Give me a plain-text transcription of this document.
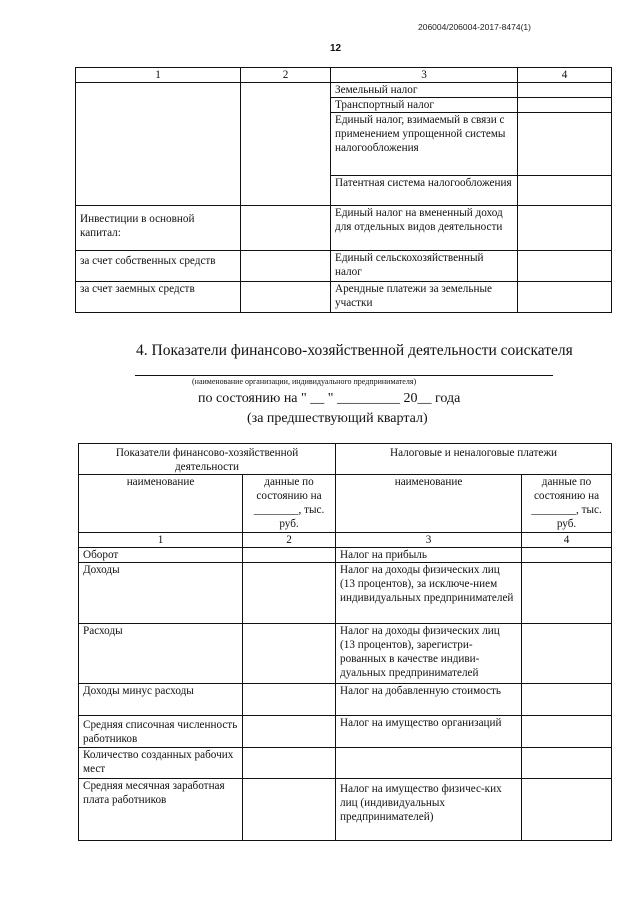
206004/206004-2017-8474(1)
12
1	2	3	4
		Земельный налог	
		Транспортный налог	
		Единый налог, взимаемый в связи с применением упрощенной системы налогообложения	
		Патентная система налогообложения	
Инвестиции в основной капитал:		Единый налог на вмененный доход для отдельных видов деятельности	
за счет собственных средств		Единый сельскохозяйственный налог	
за счет заемных средств		Арендные платежи за земельные участки	
4. Показатели финансово-хозяйственной деятельности соискателя
(наименование организации, индивидуального предпринимателя)
по состоянию на " __ " _________ 20__ года
(за предшествующий квартал)
Показатели финансово-хозяйственной деятельности		Налоговые и неналоговые платежи	
наименование	данные по состоянию на ________, тыс. руб.	наименование	данные по состоянию на ________, тыс. руб.
1	2	3	4
Оборот		Налог на прибыль	
Доходы		Налог на доходы физических лиц (13 процентов), за исключе-нием индивидуальных предпринимателей	
Расходы		Налог на доходы физических лиц (13 процентов), зарегистри-рованных в качестве индиви-дуальных предпринимателей	
Доходы минус расходы		Налог на добавленную стоимость	
Средняя списочная численность работников		Налог на имущество организаций	
Количество созданных рабочих мест			
Средняя месячная заработная плата работников		Налог на имущество физичес-ких лиц (индивидуальных предпринимателей)	
